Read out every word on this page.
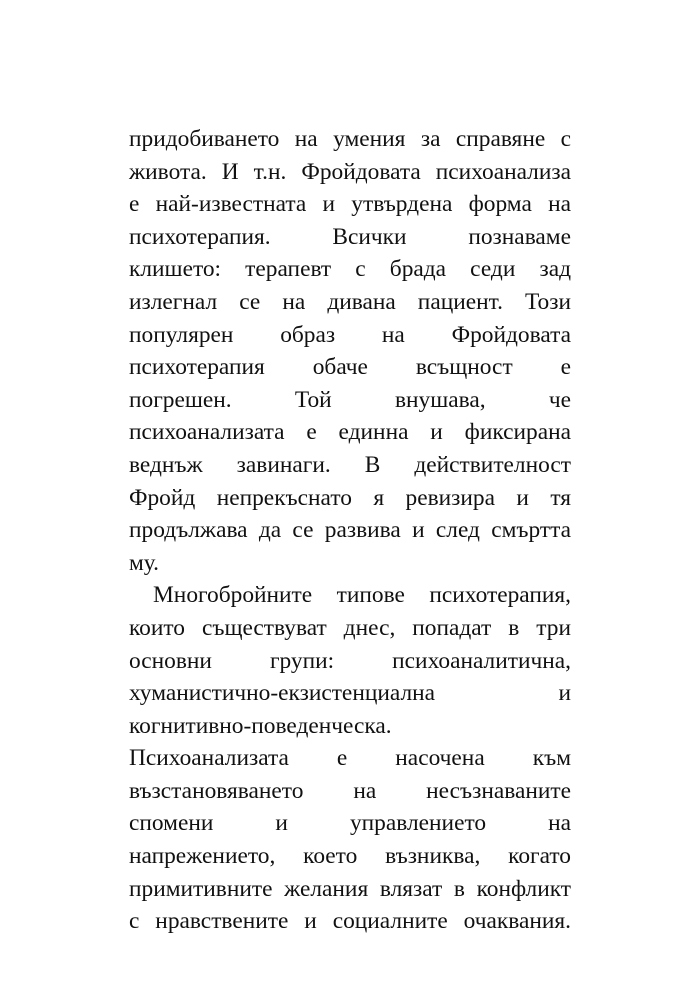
придобиването на умения за справяне с
живота. И т.н. Фройдовата психоанализа
е най-известната и утвърдена форма на
психотерапия. Всички познаваме
клишето: терапевт с брада седи зад
излегнал се на дивана пациент. Този
популярен образ на Фройдовата
психотерапия обаче всъщност е
погрешен. Той внушава, че
психоанализата е единна и фиксирана
веднъж завинаги. В действителност
Фройд непрекъснато я ревизира и тя
продължава да се развива и след смъртта
му.
Многобройните типове психотерапия,
които съществуват днес, попадат в три
основни групи: психоаналитична,
хуманистично-екзистенциална и
когнитивно-поведенческа.
Психоанализата е насочена към
възстановяването на несъзнаваните
спомени и управлението на
напрежението, което възниква, когато
примитивните желания влязат в конфликт
с нравствените и социалните очаквания.
